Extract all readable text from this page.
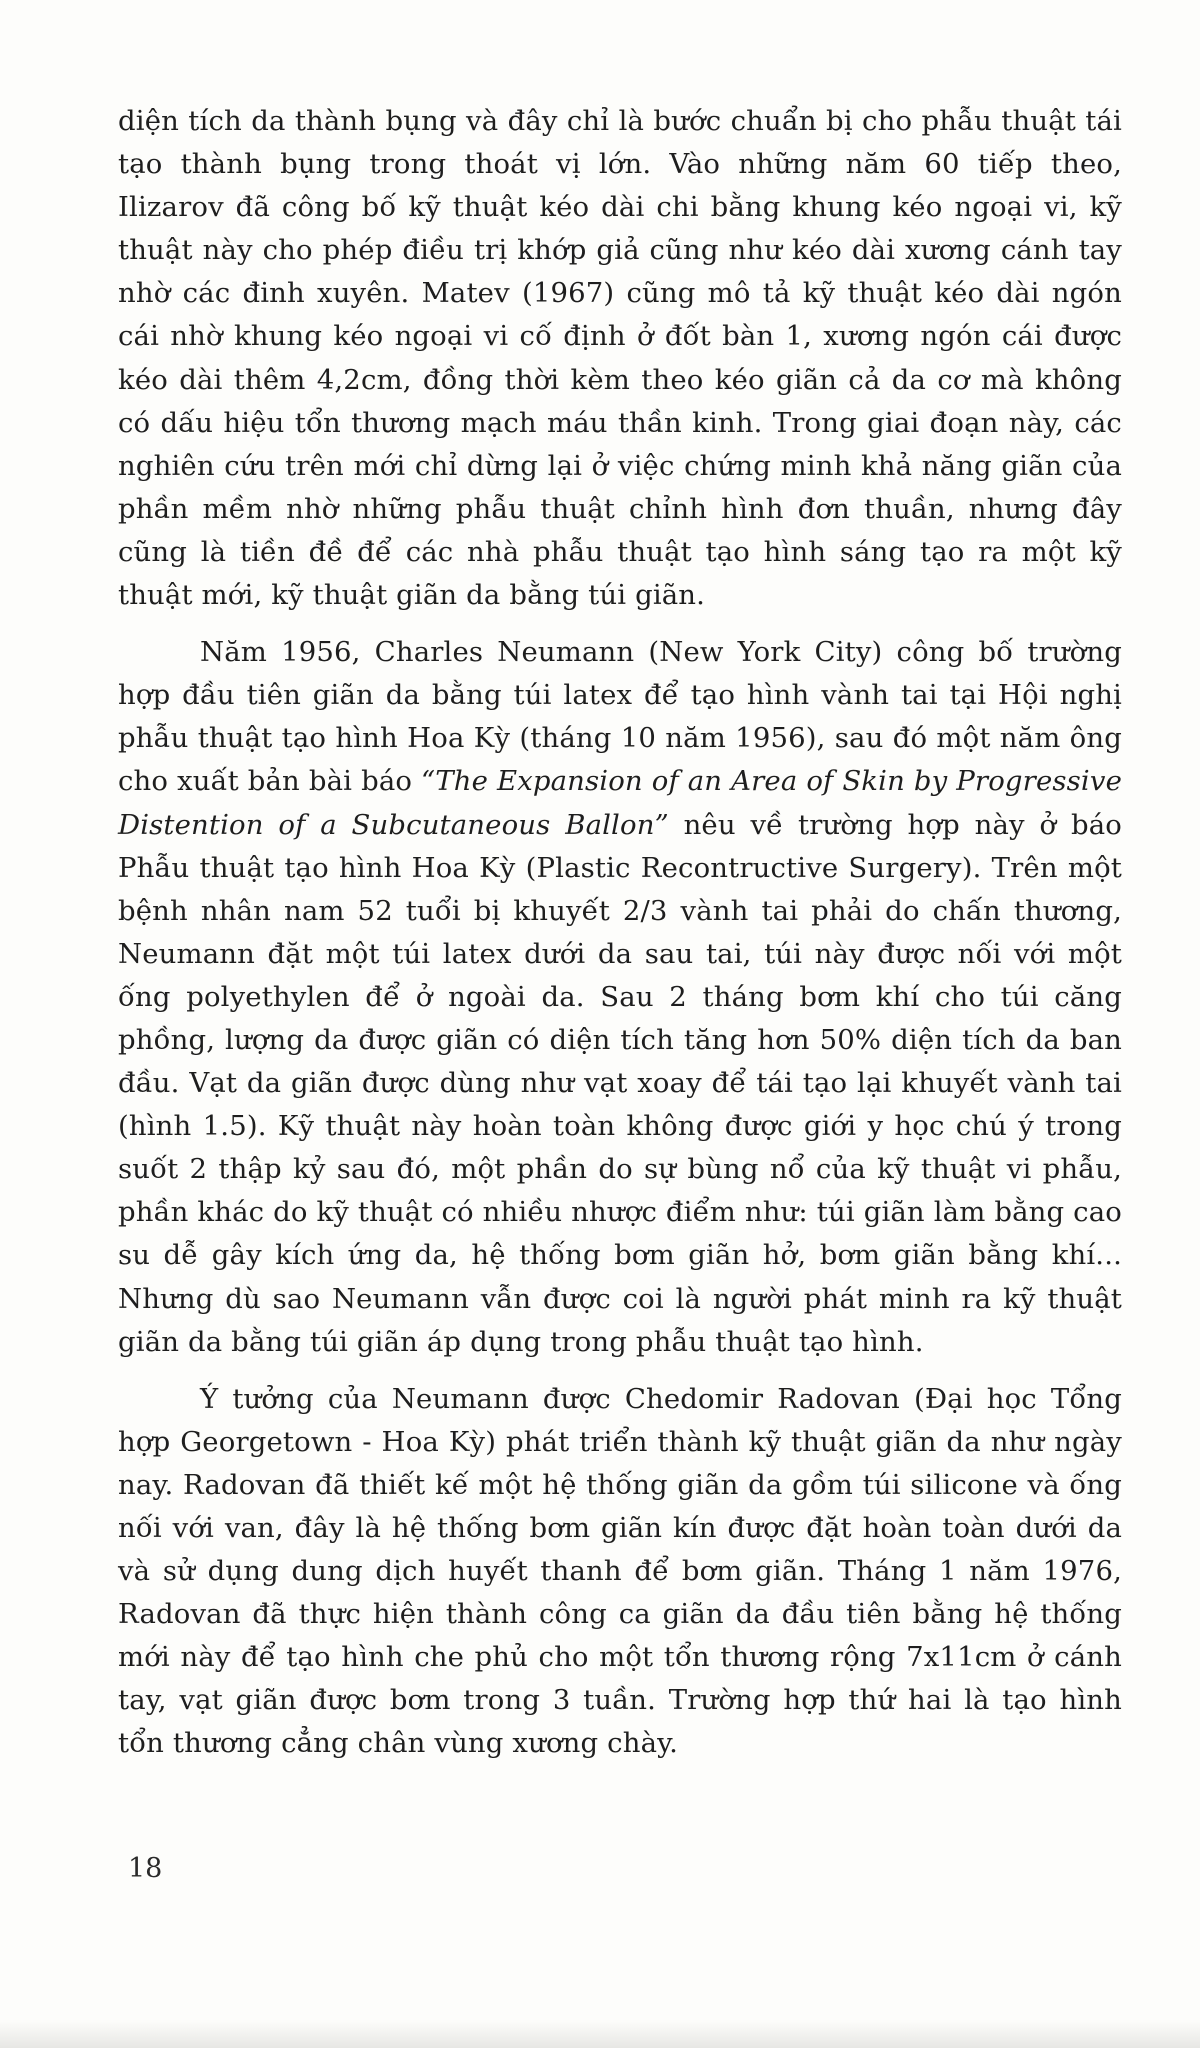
diện tích da thành bụng và đây chỉ là bước chuẩn bị cho phẫu thuật tái tạo thành bụng trong thoát vị lớn. Vào những năm 60 tiếp theo, Ilizarov đã công bố kỹ thuật kéo dài chi bằng khung kéo ngoại vi, kỹ thuật này cho phép điều trị khớp giả cũng như kéo dài xương cánh tay nhờ các đinh xuyên. Matev (1967) cũng mô tả kỹ thuật kéo dài ngón cái nhờ khung kéo ngoại vi cố định ở đốt bàn 1, xương ngón cái được kéo dài thêm 4,2cm, đồng thời kèm theo kéo giãn cả da cơ mà không có dấu hiệu tổn thương mạch máu thần kinh. Trong giai đoạn này, các nghiên cứu trên mới chỉ dừng lại ở việc chứng minh khả năng giãn của phần mềm nhờ những phẫu thuật chỉnh hình đơn thuần, nhưng đây cũng là tiền đề để các nhà phẫu thuật tạo hình sáng tạo ra một kỹ thuật mới, kỹ thuật giãn da bằng túi giãn.

Năm 1956, Charles Neumann (New York City) công bố trường hợp đầu tiên giãn da bằng túi latex để tạo hình vành tai tại Hội nghị phẫu thuật tạo hình Hoa Kỳ (tháng 10 năm 1956), sau đó một năm ông cho xuất bản bài báo “The Expansion of an Area of Skin by Progressive Distention of a Subcutaneous Ballon” nêu về trường hợp này ở báo Phẫu thuật tạo hình Hoa Kỳ (Plastic Recontructive Surgery). Trên một bệnh nhân nam 52 tuổi bị khuyết 2/3 vành tai phải do chấn thương, Neumann đặt một túi latex dưới da sau tai, túi này được nối với một ống polyethylen để ở ngoài da. Sau 2 tháng bơm khí cho túi căng phồng, lượng da được giãn có diện tích tăng hơn 50% diện tích da ban đầu. Vạt da giãn được dùng như vạt xoay để tái tạo lại khuyết vành tai (hình 1.5). Kỹ thuật này hoàn toàn không được giới y học chú ý trong suốt 2 thập kỷ sau đó, một phần do sự bùng nổ của kỹ thuật vi phẫu, phần khác do kỹ thuật có nhiều nhược điểm như: túi giãn làm bằng cao su dễ gây kích ứng da, hệ thống bơm giãn hở, bơm giãn bằng khí... Nhưng dù sao Neumann vẫn được coi là người phát minh ra kỹ thuật giãn da bằng túi giãn áp dụng trong phẫu thuật tạo hình.

Ý tưởng của Neumann được Chedomir Radovan (Đại học Tổng hợp Georgetown - Hoa Kỳ) phát triển thành kỹ thuật giãn da như ngày nay. Radovan đã thiết kế một hệ thống giãn da gồm túi silicone và ống nối với van, đây là hệ thống bơm giãn kín được đặt hoàn toàn dưới da và sử dụng dung dịch huyết thanh để bơm giãn. Tháng 1 năm 1976, Radovan đã thực hiện thành công ca giãn da đầu tiên bằng hệ thống mới này để tạo hình che phủ cho một tổn thương rộng 7x11cm ở cánh tay, vạt giãn được bơm trong 3 tuần. Trường hợp thứ hai là tạo hình tổn thương cẳng chân vùng xương chày.

18
